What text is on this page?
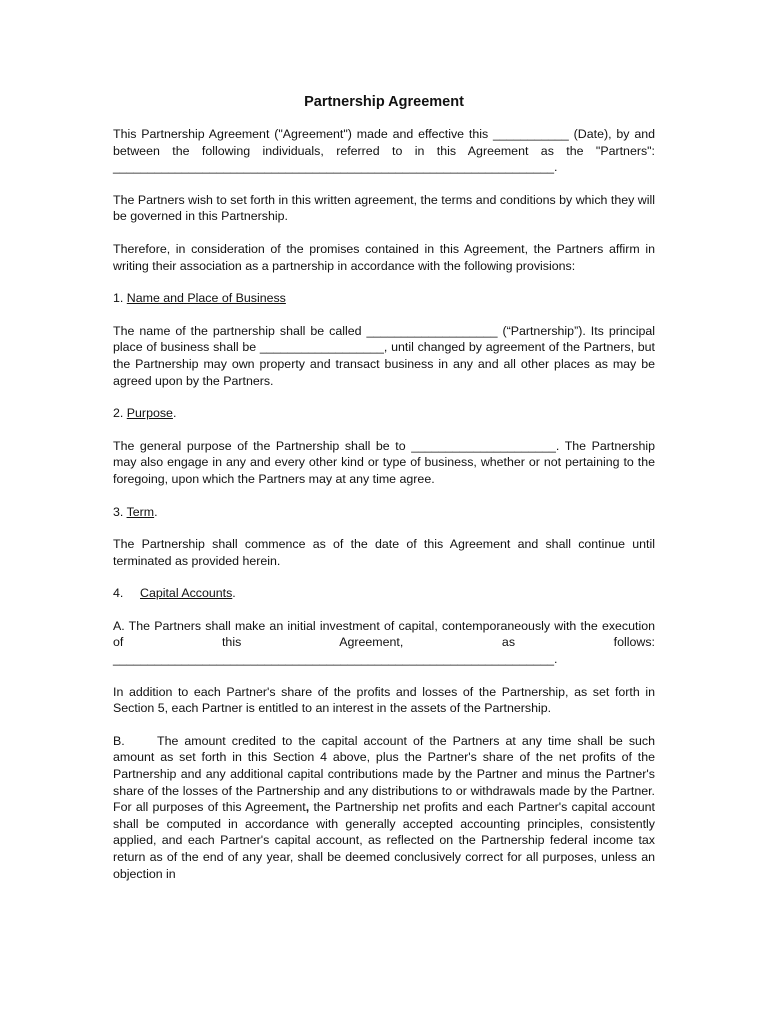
Partnership Agreement

This Partnership Agreement ("Agreement") made and effective this ___________ (Date), by and between the following individuals, referred to in this Agreement as the "Partners": ________________________________________________________________.

The Partners wish to set forth in this written agreement, the terms and conditions by which they will be governed in this Partnership.

Therefore, in consideration of the promises contained in this Agreement, the Partners affirm in writing their association as a partnership in accordance with the following provisions:

1. Name and Place of Business

The name of the partnership shall be called ___________________ (“Partnership”). Its principal place of business shall be __________________, until changed by agreement of the Partners, but the Partnership may own property and transact business in any and all other places as may be agreed upon by the Partners.

2. Purpose.

The general purpose of the Partnership shall be to _____________________. The Partnership may also engage in any and every other kind or type of business, whether or not pertaining to the foregoing, upon which the Partners may at any time agree.

3. Term.

The Partnership shall commence as of the date of this Agreement and shall continue until terminated as provided herein.

4. Capital Accounts.

A. The Partners shall make an initial investment of capital, contemporaneously with the execution of this Agreement, as follows: ________________________________________________________________.

In addition to each Partner's share of the profits and losses of the Partnership, as set forth in Section 5, each Partner is entitled to an interest in the assets of the Partnership.

B.	The amount credited to the capital account of the Partners at any time shall be such amount as set forth in this Section 4 above, plus the Partner's share of the net profits of the Partnership and any additional capital contributions made by the Partner and minus the Partner's share of the losses of the Partnership and any distributions to or withdrawals made by the Partner.  For all purposes of this Agreement, the Partnership net profits and each Partner's capital account shall be computed in accordance with generally accepted accounting principles, consistently applied, and each Partner's capital account, as reflected on the Partnership federal income tax return as of the end of any year, shall be deemed conclusively correct for all purposes, unless an objection in
